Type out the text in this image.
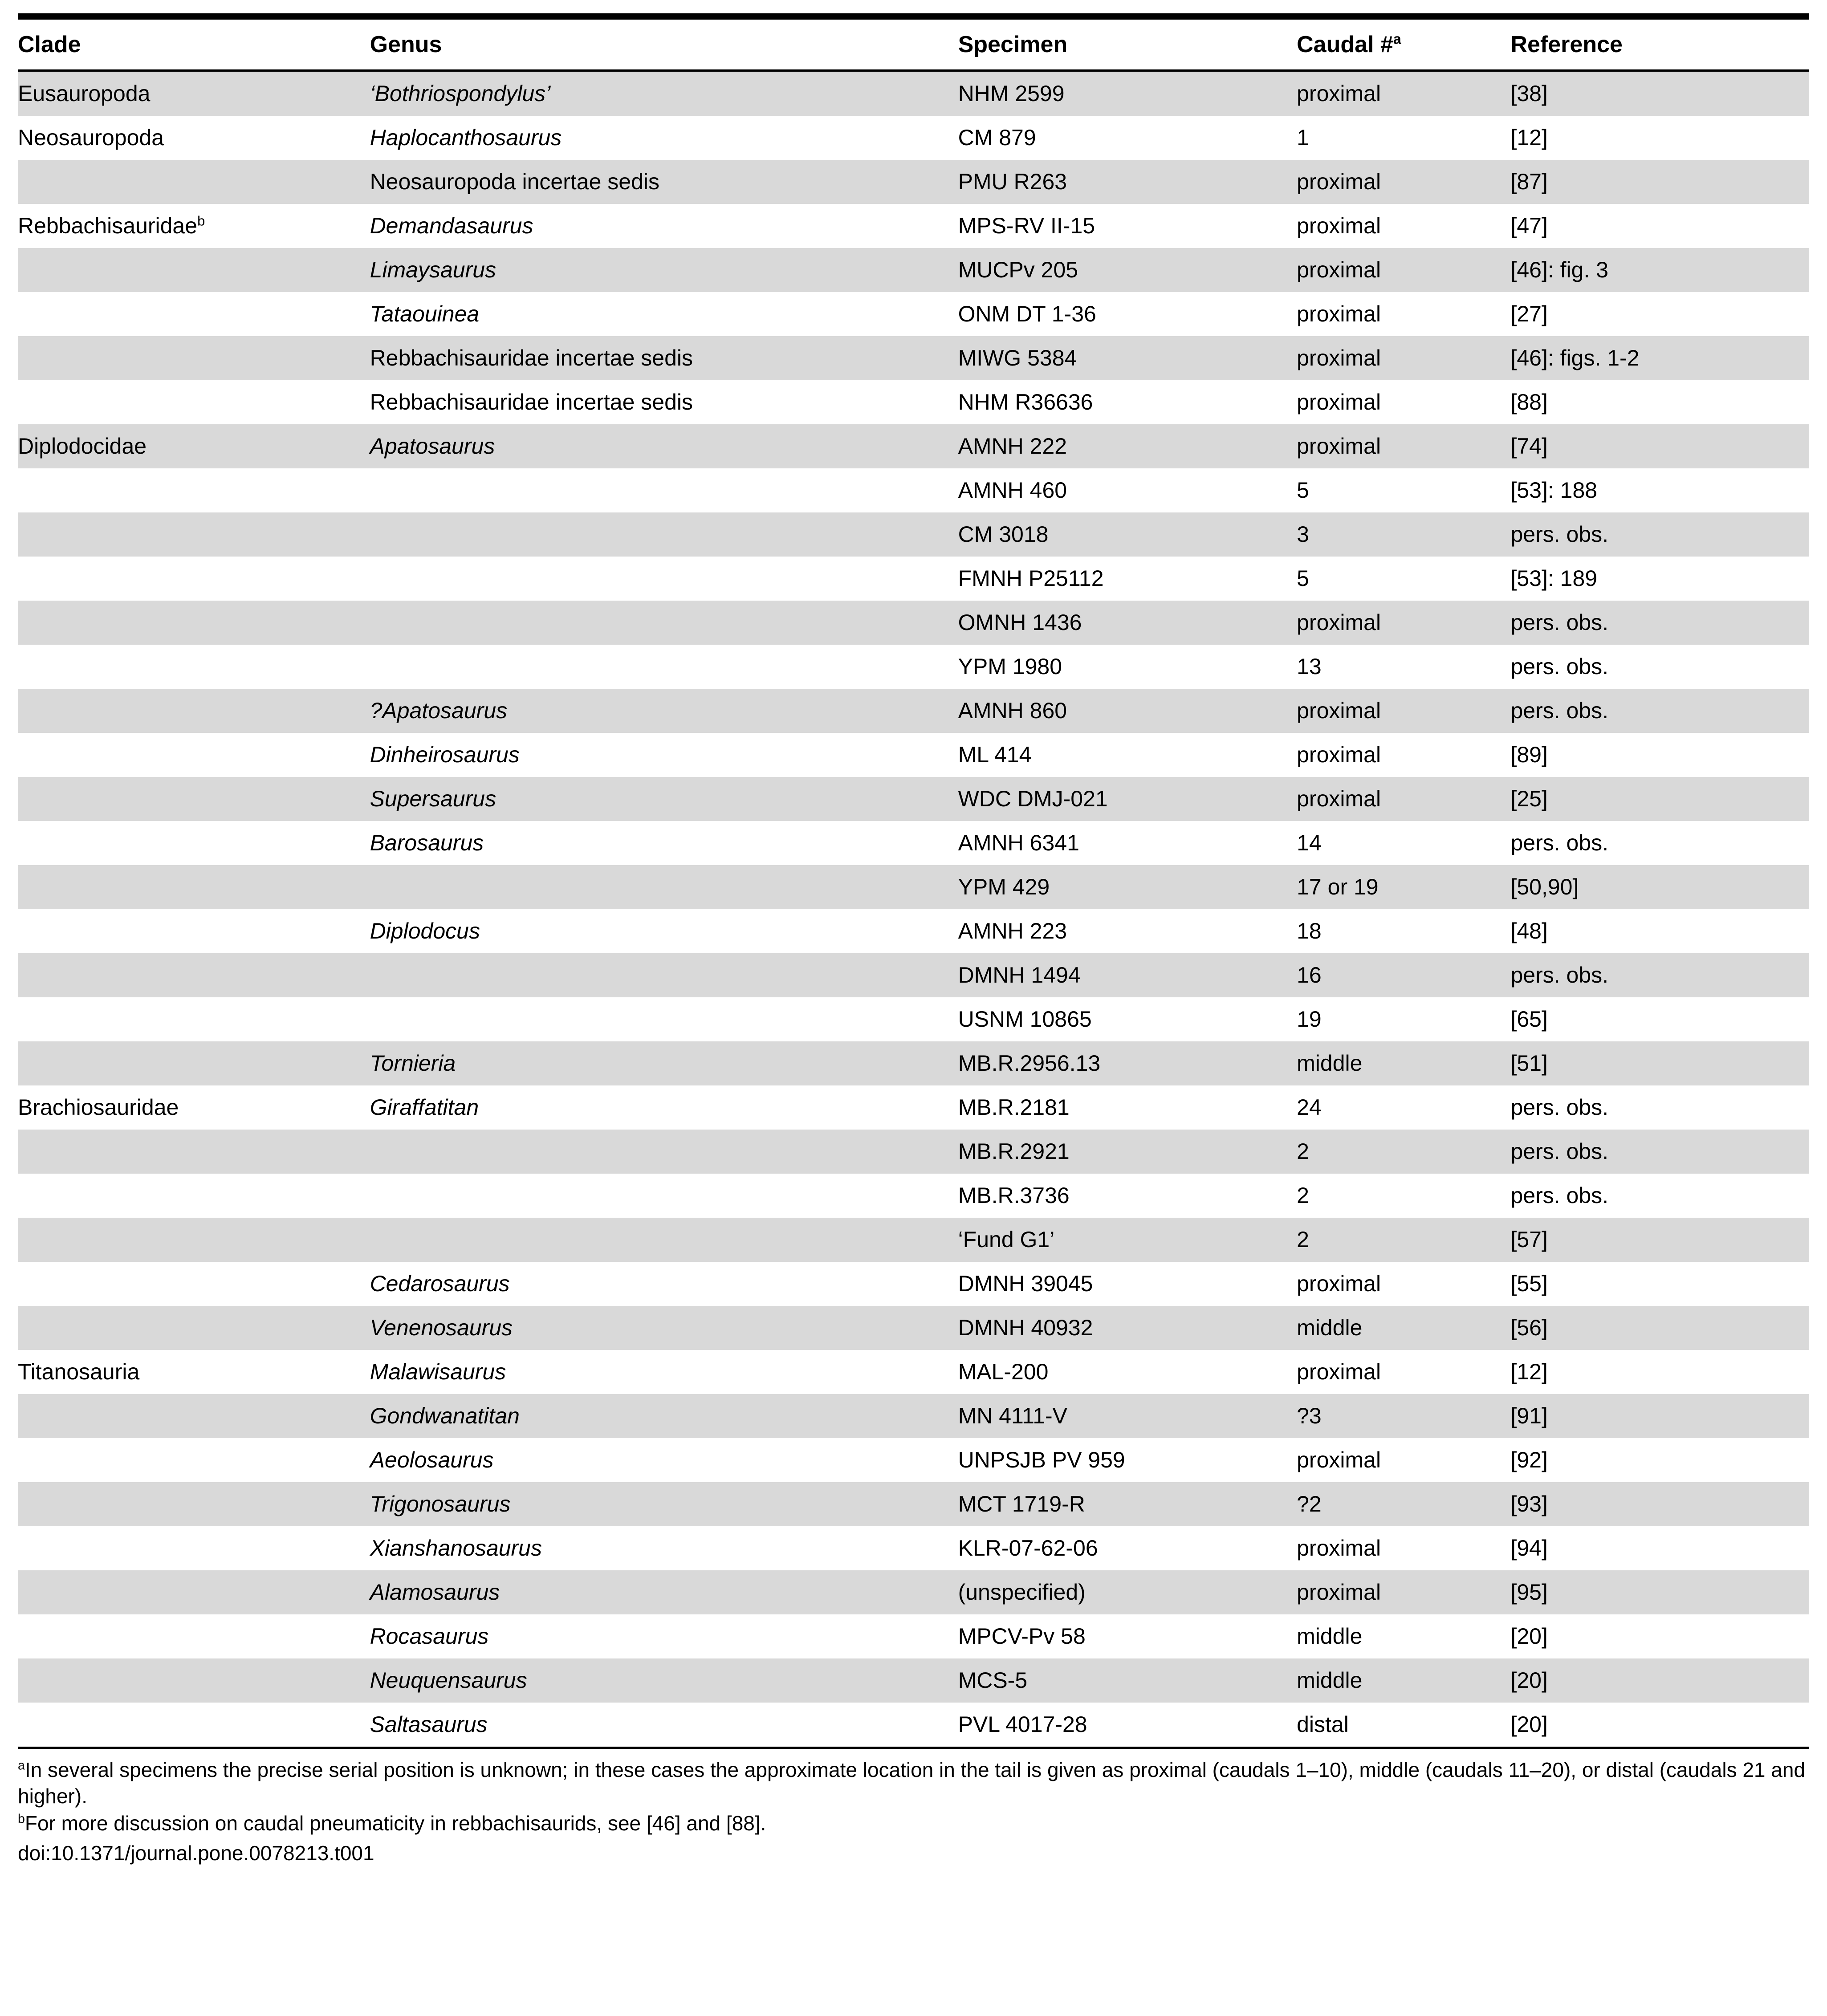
Clade	Genus	Specimen	Caudal #$^a$	Reference
Eusauropoda	‘Bothriospondylus’	NHM 2599	proximal	[38]
Neosauropoda	Haplocanthosaurus	CM 879	1	[12]
	Neosauropoda incertae sedis	PMU R263	proximal	[87]
Rebbachisauridae$^b$	Demandasaurus	MPS-RV II-15	proximal	[47]
	Limaysaurus	MUCPv 205	proximal	[46]: fig. 3
	Tataouinea	ONM DT 1-36	proximal	[27]
	Rebbachisauridae incertae sedis	MIWG 5384	proximal	[46]: figs. 1-2
	Rebbachisauridae incertae sedis	NHM R36636	proximal	[88]
Diplodocidae	Apatosaurus	AMNH 222	proximal	[74]
		AMNH 460	5	[53]: 188
		CM 3018	3	pers. obs.
		FMNH P25112	5	[53]: 189
		OMNH 1436	proximal	pers. obs.
		YPM 1980	13	pers. obs.
	?Apatosaurus	AMNH 860	proximal	pers. obs.
	Dinheirosaurus	ML 414	proximal	[89]
	Supersaurus	WDC DMJ-021	proximal	[25]
	Barosaurus	AMNH 6341	14	pers. obs.
		YPM 429	17 or 19	[50,90]
	Diplodocus	AMNH 223	18	[48]
		DMNH 1494	16	pers. obs.
		USNM 10865	19	[65]
	Tornieria	MB.R.2956.13	middle	[51]
Brachiosauridae	Giraffatitan	MB.R.2181	24	pers. obs.
		MB.R.2921	2	pers. obs.
		MB.R.3736	2	pers. obs.
		‘Fund G1’	2	[57]
	Cedarosaurus	DMNH 39045	proximal	[55]
	Venenosaurus	DMNH 40932	middle	[56]
Titanosauria	Malawisaurus	MAL-200	proximal	[12]
	Gondwanatitan	MN 4111-V	?3	[91]
	Aeolosaurus	UNPSJB PV 959	proximal	[92]
	Trigonosaurus	MCT 1719-R	?2	[93]
	Xianshanosaurus	KLR-07-62-06	proximal	[94]
	Alamosaurus	(unspecified)	proximal	[95]
	Rocasaurus	MPCV-Pv 58	middle	[20]
	Neuquensaurus	MCS-5	middle	[20]
	Saltasaurus	PVL 4017-28	distal	[20]

$^a$In several specimens the precise serial position is unknown; in these cases the approximate location in the tail is given as proximal (caudals 1–10), middle (caudals 11–20), or distal (caudals 21 and higher).

$^b$For more discussion on caudal pneumaticity in rebbachisaurids, see [46] and [88].

doi:10.1371/journal.pone.0078213.t001
